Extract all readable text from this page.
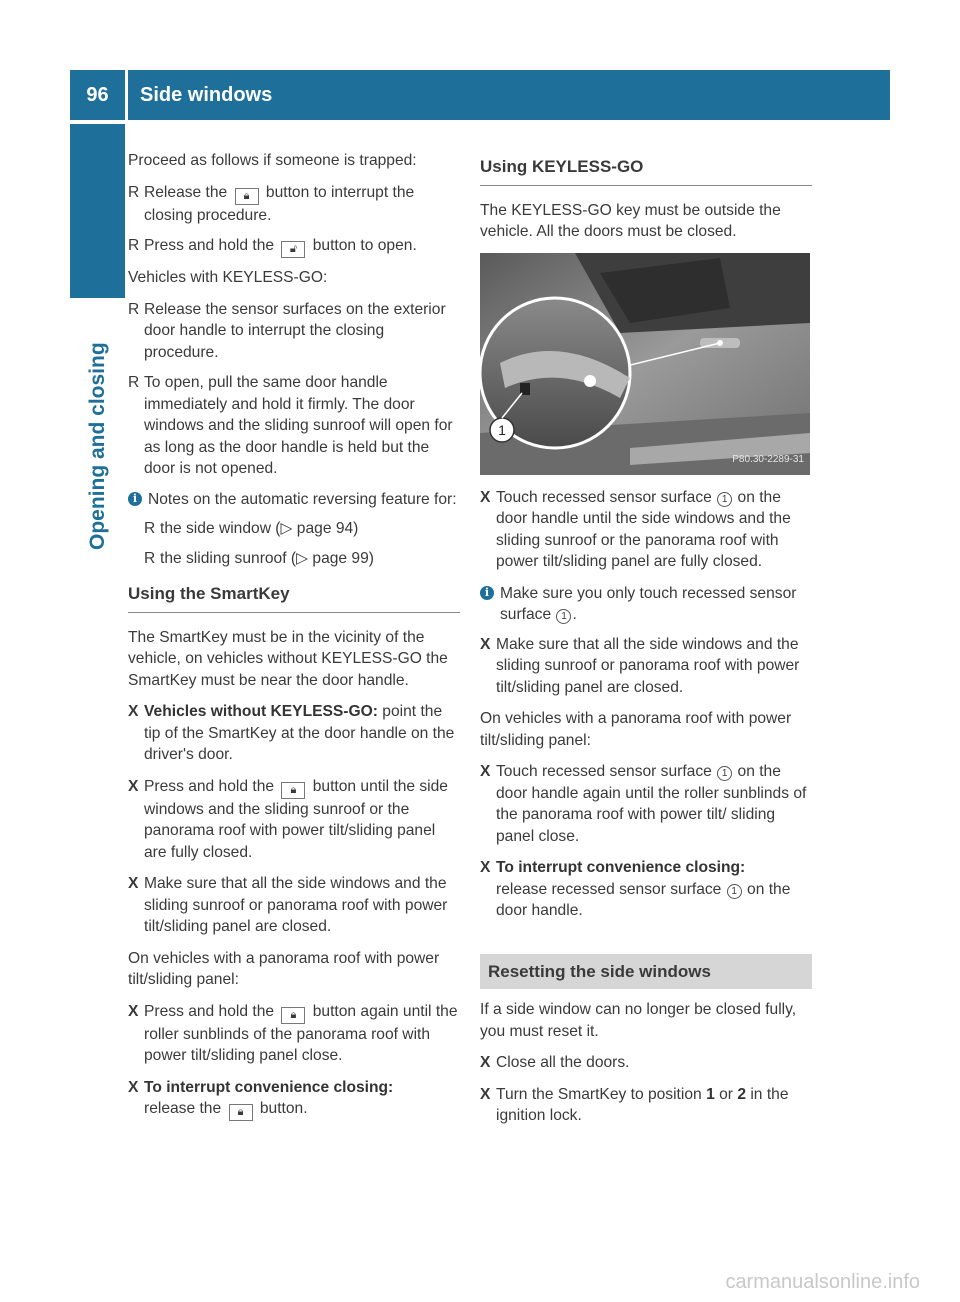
96	Side windows
Opening and closing

Proceed as follows if someone is trapped:

R Release the 🔒︎ button to interrupt the closing procedure.
R Press and hold the 🔓︎ button to open.

Vehicles with KEYLESS-GO:

R Release the sensor surfaces on the exterior door handle to interrupt the closing procedure.
R To open, pull the same door handle immediately and hold it firmly. The door windows and the sliding sunroof will open for as long as the door handle is held but the door is not opened.
i Notes on the automatic reversing feature for:
R the side window (▷ page 94)
R the sliding sunroof (▷ page 99)
Using the SmartKey

The SmartKey must be in the vicinity of the vehicle, on vehicles without KEYLESS-GO the SmartKey must be near the door handle.

X Vehicles without KEYLESS-GO: point the tip of the SmartKey at the door handle on the driver's door.
X Press and hold the 🔒︎ button until the side windows and the sliding sunroof or the panorama roof with power tilt/sliding panel are fully closed.
X Make sure that all the side windows and the sliding sunroof or panorama roof with power tilt/sliding panel are closed.

On vehicles with a panorama roof with power tilt/sliding panel:

X Press and hold the 🔒︎ button again until the roller sunblinds of the panorama roof with power tilt/sliding panel close.
X To interrupt convenience closing:
release the 🔒︎ button.
Using KEYLESS-GO

The KEYLESS-GO key must be outside the vehicle. All the doors must be closed.

1
P80.30-2289-31
X Touch recessed sensor surface 1 on the door handle until the side windows and the sliding sunroof or the panorama roof with power tilt/sliding panel are fully closed.
i Make sure you only touch recessed sensor surface 1 .
X Make sure that all the side windows and the sliding sunroof or panorama roof with power tilt/sliding panel are closed.

On vehicles with a panorama roof with power tilt/sliding panel:

X Touch recessed sensor surface 1 on the door handle again until the roller sunblinds of the panorama roof with power tilt/ sliding panel close.
X To interrupt convenience closing:
release recessed sensor surface 1 on the door handle.
Resetting the side windows

If a side window can no longer be closed fully, you must reset it.

X Close all the doors.
X Turn the SmartKey to position 1 or 2 in the ignition lock.
carmanualsonline.info
